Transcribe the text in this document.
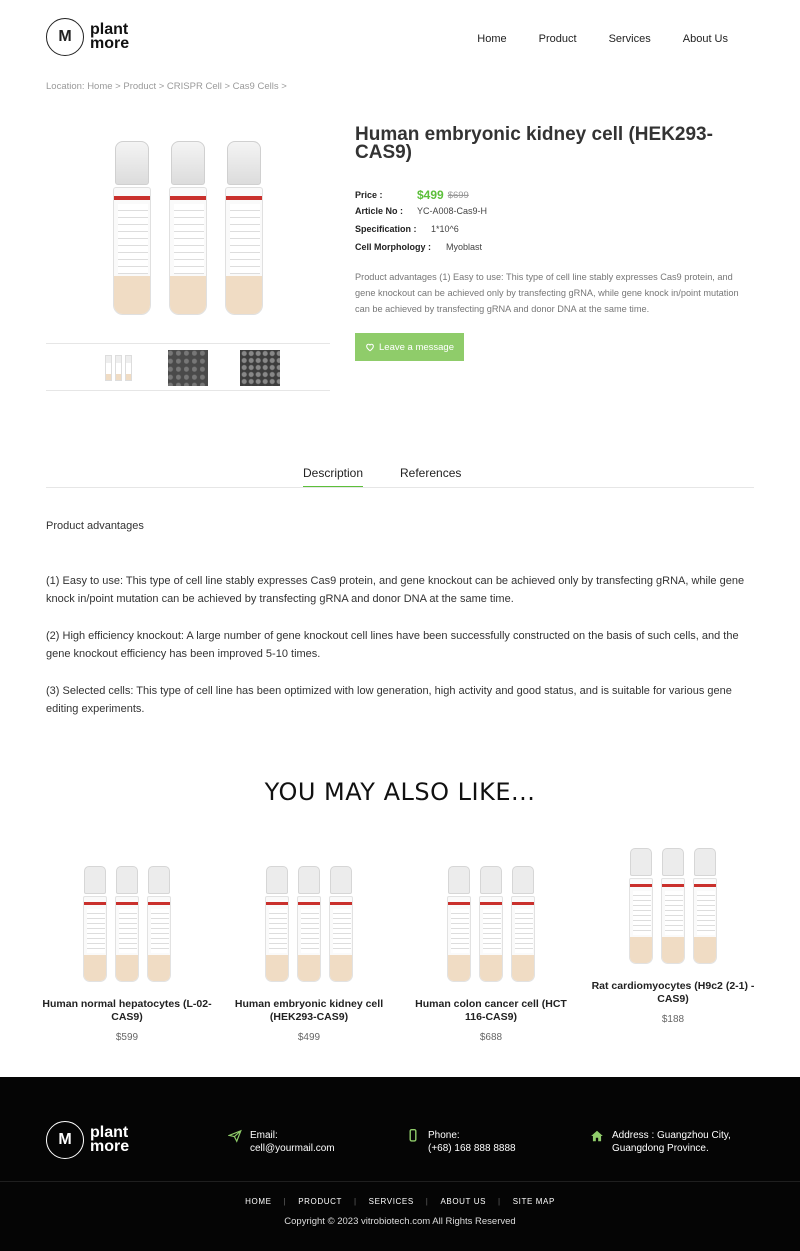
M	plant
more	Home	Product	Services	About Us
Location: Home > Product > CRISPR Cell > Cas9 Cells >
Human embryonic kidney cell (HEK293-CAS9)
Price :	$499 $699
Article No :	YC-A008-Cas9-H
Specification :	1*10^6
Cell Morphology :	Myoblast
Product advantages (1) Easy to use: This type of cell line stably expresses Cas9 protein, and gene knockout can be achieved only by transfecting gRNA, while gene knock in/point mutation can be achieved by transfecting gRNA and donor DNA at the same time.
Leave a message
Description	References
Product advantages
(1) Easy to use: This type of cell line stably expresses Cas9 protein, and gene knockout can be achieved only by transfecting gRNA, while gene knock in/point mutation can be achieved by transfecting gRNA and donor DNA at the same time.
(2) High efficiency knockout: A large number of gene knockout cell lines have been successfully constructed on the basis of such cells, and the gene knockout efficiency has been improved 5-10 times.
(3) Selected cells: This type of cell line has been optimized with low generation, high activity and good status, and is suitable for various gene editing experiments.
YOU MAY ALSO LIKE...
Human normal hepatocytes (L-02-CAS9)
$599
Human embryonic kidney cell (HEK293-CAS9)
$499
Human colon cancer cell (HCT 116-CAS9)
$688
Rat cardiomyocytes (H9c2 (2-1) - CAS9)
$188
M	plant
more
Email:
cell@yourmail.com
Phone:
(+68) 168 888 8888
Address : Guangzhou City,
Guangdong Province.
HOME	|	PRODUCT	|	SERVICES	|	ABOUT US	|	SITE MAP
Copyright © 2023 vitrobiotech.com All Rights Reserved
